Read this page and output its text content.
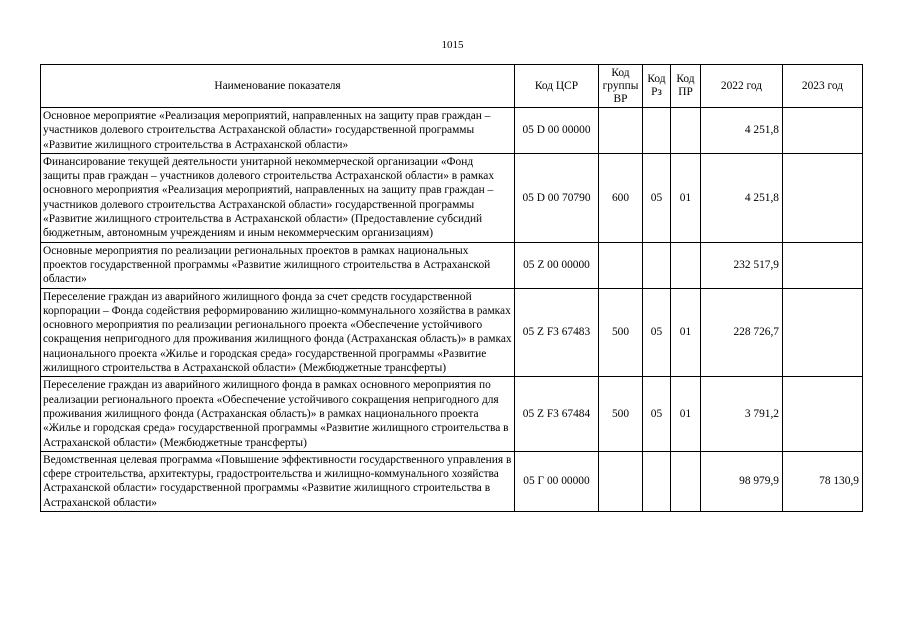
1015
Наименование показателя	Код ЦСР	Код группы ВР	Код Рз	Код ПР	2022 год	2023 год
Основное мероприятие «Реализация мероприятий, направленных на защиту прав граждан – участников долевого строительства Астраханской области» государственной программы «Развитие жилищного строительства в Астраханской области»	05 D 00 00000				4 251,8	
Финансирование текущей деятельности унитарной некоммерческой организации «Фонд защиты прав граждан – участников долевого строительства Астраханской области» в рамках основного мероприятия «Реализация мероприятий, направленных на защиту прав граждан – участников долевого строительства Астраханской области» государственной программы «Развитие жилищного строительства в Астраханской области» (Предоставление субсидий бюджетным, автономным учреждениям и иным некоммерческим организациям)	05 D 00 70790	600	05	01	4 251,8	
Основные мероприятия по реализации региональных проектов в рамках национальных проектов государственной программы «Развитие жилищного строительства в Астраханской области»	05 Z 00 00000				232 517,9	
Переселение граждан из аварийного жилищного фонда за счет средств государственной корпорации – Фонда содействия реформированию жилищно-коммунального хозяйства в рамках основного мероприятия по реализации регионального проекта «Обеспечение устойчивого сокращения непригодного для проживания жилищного фонда (Астраханская область)» в рамках национального проекта «Жилье и городская среда» государственной программы «Развитие жилищного строительства в Астраханской области» (Межбюджетные трансферты)	05 Z F3 67483	500	05	01	228 726,7	
Переселение граждан из аварийного жилищного фонда в рамках основного мероприятия по реализации регионального проекта «Обеспечение устойчивого сокращения непригодного для проживания жилищного фонда (Астраханская область)» в рамках национального проекта «Жилье и городская среда» государственной программы «Развитие жилищного строительства в Астраханской области» (Межбюджетные трансферты)	05 Z F3 67484	500	05	01	3 791,2	
Ведомственная целевая программа «Повышение эффективности государственного управления в сфере строительства, архитектуры, градостроительства и жилищно-коммунального хозяйства Астраханской области» государственной программы «Развитие жилищного строительства в Астраханской области»	05 Г 00 00000				98 979,9	78 130,9
